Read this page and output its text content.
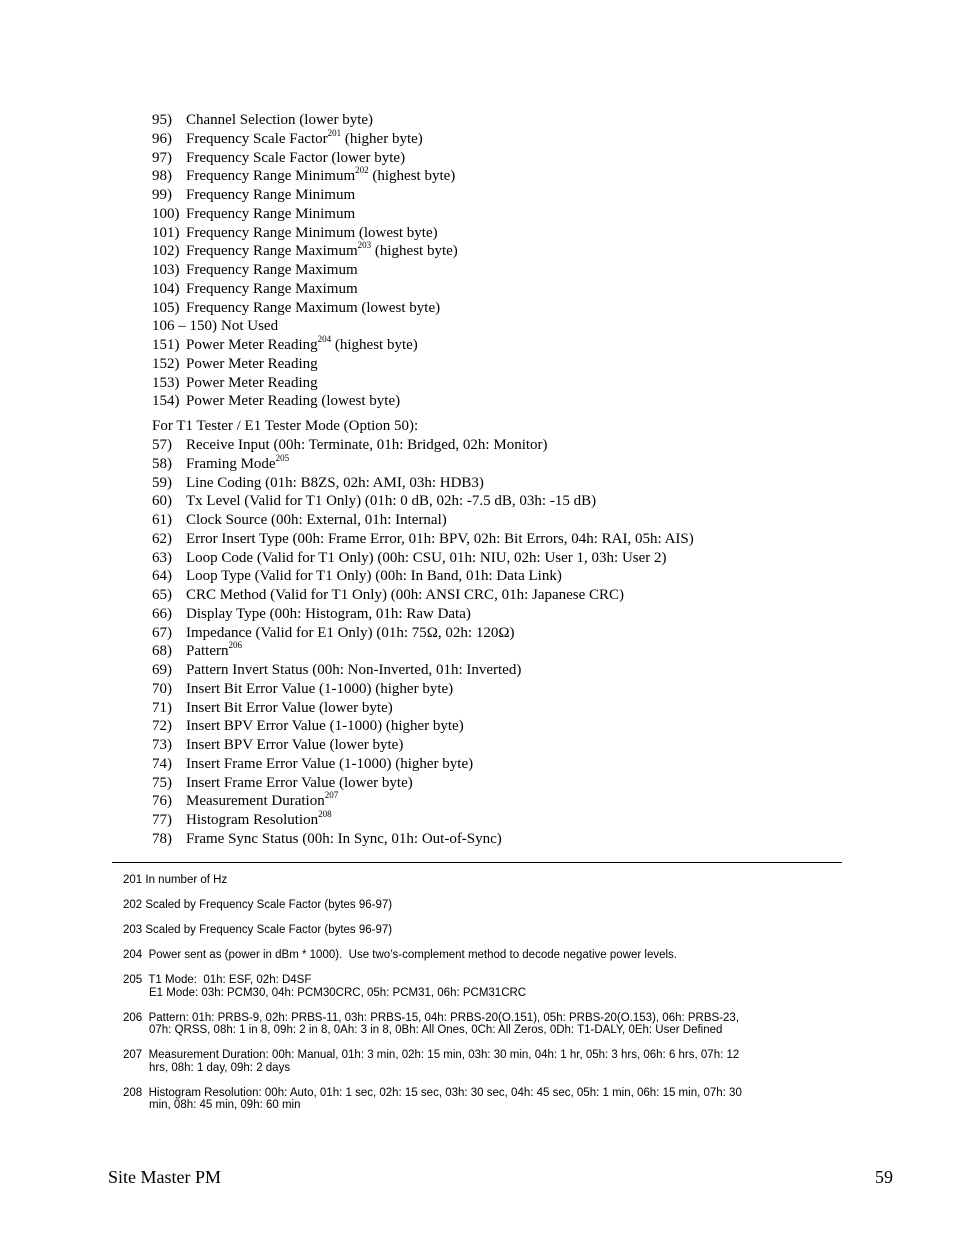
95) Channel Selection (lower byte)
96) Frequency Scale Factor$^{201}$ (higher byte)
97) Frequency Scale Factor (lower byte)
98) Frequency Range Minimum$^{202}$ (highest byte)
99) Frequency Range Minimum
100) Frequency Range Minimum
101) Frequency Range Minimum (lowest byte)
102) Frequency Range Maximum$^{203}$ (highest byte)
103) Frequency Range Maximum
104) Frequency Range Maximum
105) Frequency Range Maximum (lowest byte)
106 – 150) Not Used
151) Power Meter Reading$^{204}$ (highest byte)
152) Power Meter Reading
153) Power Meter Reading
154) Power Meter Reading (lowest byte)
For T1 Tester / E1 Tester Mode (Option 50):
57) Receive Input (00h: Terminate, 01h: Bridged, 02h: Monitor)
58) Framing Mode$^{205}$
59) Line Coding (01h: B8ZS, 02h: AMI, 03h: HDB3)
60) Tx Level (Valid for T1 Only) (01h: 0 dB, 02h: -7.5 dB, 03h: -15 dB)
61) Clock Source (00h: External, 01h: Internal)
62) Error Insert Type (00h: Frame Error, 01h: BPV, 02h: Bit Errors, 04h: RAI, 05h: AIS)
63) Loop Code (Valid for T1 Only) (00h: CSU, 01h: NIU, 02h: User 1, 03h: User 2)
64) Loop Type (Valid for T1 Only) (00h: In Band, 01h: Data Link)
65) CRC Method (Valid for T1 Only) (00h: ANSI CRC, 01h: Japanese CRC)
66) Display Type (00h: Histogram, 01h: Raw Data)
67) Impedance (Valid for E1 Only) (01h: 75Ω, 02h: 120Ω)
68) Pattern$^{206}$
69) Pattern Invert Status (00h: Non-Inverted, 01h: Inverted)
70) Insert Bit Error Value (1-1000) (higher byte)
71) Insert Bit Error Value (lower byte)
72) Insert BPV Error Value (1-1000) (higher byte)
73) Insert BPV Error Value (lower byte)
74) Insert Frame Error Value (1-1000) (higher byte)
75) Insert Frame Error Value (lower byte)
76) Measurement Duration$^{207}$
77) Histogram Resolution$^{208}$
78) Frame Sync Status (00h: In Sync, 01h: Out-of-Sync)
201 In number of Hz
202 Scaled by Frequency Scale Factor (bytes 96-97)
203 Scaled by Frequency Scale Factor (bytes 96-97)
204  Power sent as (power in dBm * 1000).  Use two’s-complement method to decode negative power levels.
205  T1 Mode:  01h: ESF, 02h: D4SF
E1 Mode: 03h: PCM30, 04h: PCM30CRC, 05h: PCM31, 06h: PCM31CRC
206  Pattern: 01h: PRBS-9, 02h: PRBS-11, 03h: PRBS-15, 04h: PRBS-20(O.151), 05h: PRBS-20(O.153), 06h: PRBS-23,
07h: QRSS, 08h: 1 in 8, 09h: 2 in 8, 0Ah: 3 in 8, 0Bh: All Ones, 0Ch: All Zeros, 0Dh: T1-DALY, 0Eh: User Defined
207  Measurement Duration: 00h: Manual, 01h: 3 min, 02h: 15 min, 03h: 30 min, 04h: 1 hr, 05h: 3 hrs, 06h: 6 hrs, 07h: 12
hrs, 08h: 1 day, 09h: 2 days
208  Histogram Resolution: 00h: Auto, 01h: 1 sec, 02h: 15 sec, 03h: 30 sec, 04h: 45 sec, 05h: 1 min, 06h: 15 min, 07h: 30
min, 08h: 45 min, 09h: 60 min
Site Master PM	59
